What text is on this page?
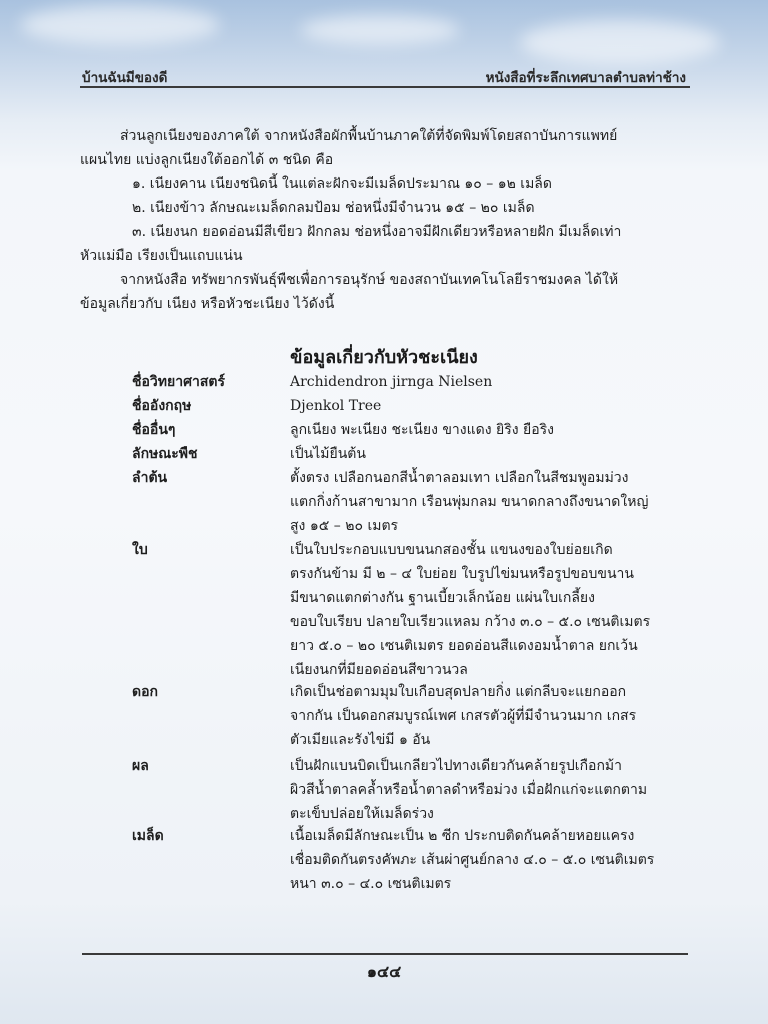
บ้านฉันมีของดี	หนังสือที่ระลึกเทศบาลตำบลท่าช้าง

ส่วนลูกเนียงของภาคใต้ จากหนังสือผักพื้นบ้านภาคใต้ที่จัดพิมพ์โดยสถาบันการแพทย์

แผนไทย แบ่งลูกเนียงใต้ออกได้ ๓ ชนิด คือ

๑. เนียงคาน เนียงชนิดนี้ ในแต่ละฝักจะมีเมล็ดประมาณ ๑๐ – ๑๒ เมล็ด

๒. เนียงข้าว ลักษณะเมล็ดกลมป้อม ช่อหนึ่งมีจำนวน ๑๕ – ๒๐ เมล็ด

๓. เนียงนก ยอดอ่อนมีสีเขียว ฝักกลม ช่อหนึ่งอาจมีฝักเดียวหรือหลายฝัก มีเมล็ดเท่า

หัวแม่มือ เรียงเป็นแถบแน่น

จากหนังสือ ทรัพยากรพันธุ์พืชเพื่อการอนุรักษ์ ของสถาบันเทคโนโลยีราชมงคล ได้ให้

ข้อมูลเกี่ยวกับ เนียง หรือหัวชะเนียง ไว้ดังนี้

ข้อมูลเกี่ยวกับหัวชะเนียง
ชื่อวิทยาศาสตร์	Archidendron jirnga Nielsen
ชื่ออังกฤษ	Djenkol Tree
ชื่ออื่นๆ	ลูกเนียง พะเนียง ชะเนียง ขางแดง ยิริง ยือริง
ลักษณะพืช	เป็นไม้ยืนต้น
ลำต้น	ตั้งตรง เปลือกนอกสีน้ำตาลอมเทา เปลือกในสีชมพูอมม่วง
แตกกิ่งก้านสาขามาก เรือนพุ่มกลม ขนาดกลางถึงขนาดใหญ่
สูง ๑๕ – ๒๐ เมตร
ใบ	เป็นใบประกอบแบบขนนกสองชั้น แขนงของใบย่อยเกิด
ตรงกันข้าม มี ๒ – ๔ ใบย่อย ใบรูปไข่มนหรือรูปขอบขนาน
มีขนาดแตกต่างกัน ฐานเบี้ยวเล็กน้อย แผ่นใบเกลี้ยง
ขอบใบเรียบ ปลายใบเรียวแหลม กว้าง ๓.๐ – ๕.๐ เซนติเมตร
ยาว ๕.๐ – ๒๐ เซนติเมตร ยอดอ่อนสีแดงอมน้ำตาล ยกเว้น
เนียงนกที่มียอดอ่อนสีขาวนวล
ดอก	เกิดเป็นช่อตามมุมใบเกือบสุดปลายกิ่ง แต่กลีบจะแยกออก
จากกัน เป็นดอกสมบูรณ์เพศ เกสรตัวผู้ที่มีจำนวนมาก เกสร
ตัวเมียและรังไข่มี ๑ อัน
ผล	เป็นฝักแบนบิดเป็นเกลียวไปทางเดียวกันคล้ายรูปเกือกม้า
ผิวสีน้ำตาลคล้ำหรือน้ำตาลดำหรือม่วง เมื่อฝักแก่จะแตกตาม
ตะเข็บปล่อยให้เมล็ดร่วง
เมล็ด	เนื้อเมล็ดมีลักษณะเป็น ๒ ซีก ประกบติดกันคล้ายหอยแครง
เชื่อมติดกันตรงคัพภะ เส้นผ่าศูนย์กลาง ๔.๐ – ๕.๐ เซนติเมตร
หนา ๓.๐ – ๔.๐ เซนติเมตร
๑๔๔
